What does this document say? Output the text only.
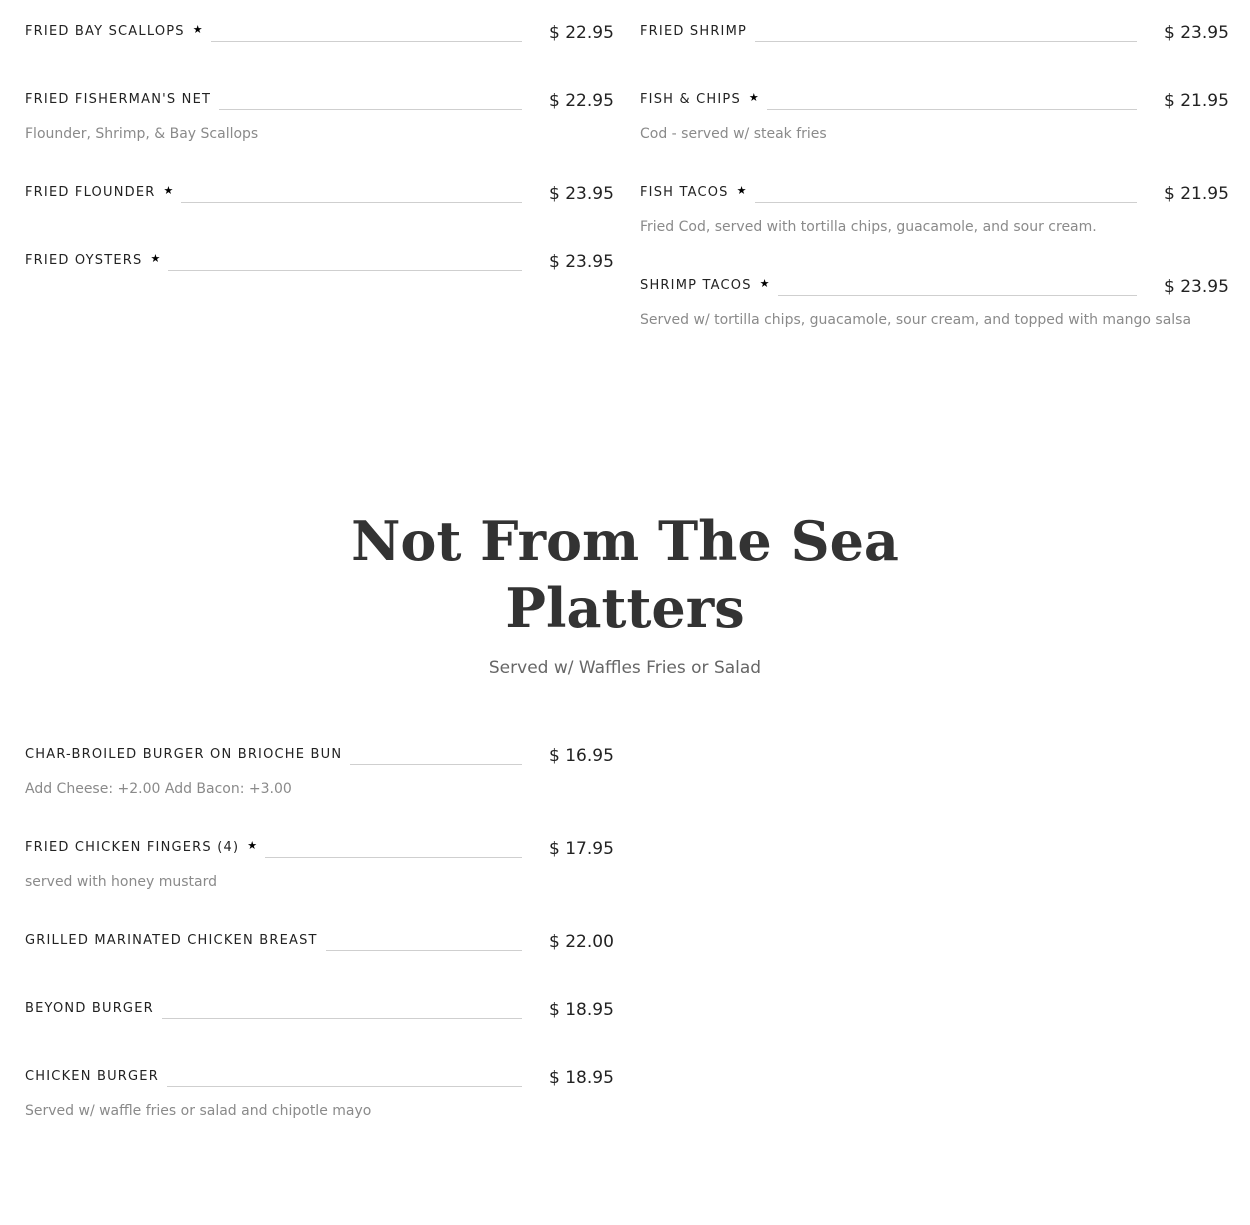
FRIED BAY SCALLOPS ★	$ 22.95
FRIED FISHERMAN'S NET	$ 22.95
Flounder, Shrimp, & Bay Scallops
FRIED FLOUNDER ★	$ 23.95
FRIED OYSTERS ★	$ 23.95
FRIED SHRIMP	$ 23.95
FISH & CHIPS ★	$ 21.95
Cod - served w/ steak fries
FISH TACOS ★	$ 21.95
Fried Cod, served with tortilla chips, guacamole, and sour cream.
SHRIMP TACOS ★	$ 23.95
Served w/ tortilla chips, guacamole, sour cream, and topped with mango salsa
Not From The Sea
Platters

Served w/ Waffles Fries or Salad

CHAR-BROILED BURGER ON BRIOCHE BUN	$ 16.95
Add Cheese: +2.00 Add Bacon: +3.00
FRIED CHICKEN FINGERS (4) ★	$ 17.95
served with honey mustard
GRILLED MARINATED CHICKEN BREAST	$ 22.00
BEYOND BURGER	$ 18.95
CHICKEN BURGER	$ 18.95
Served w/ waffle fries or salad and chipotle mayo
